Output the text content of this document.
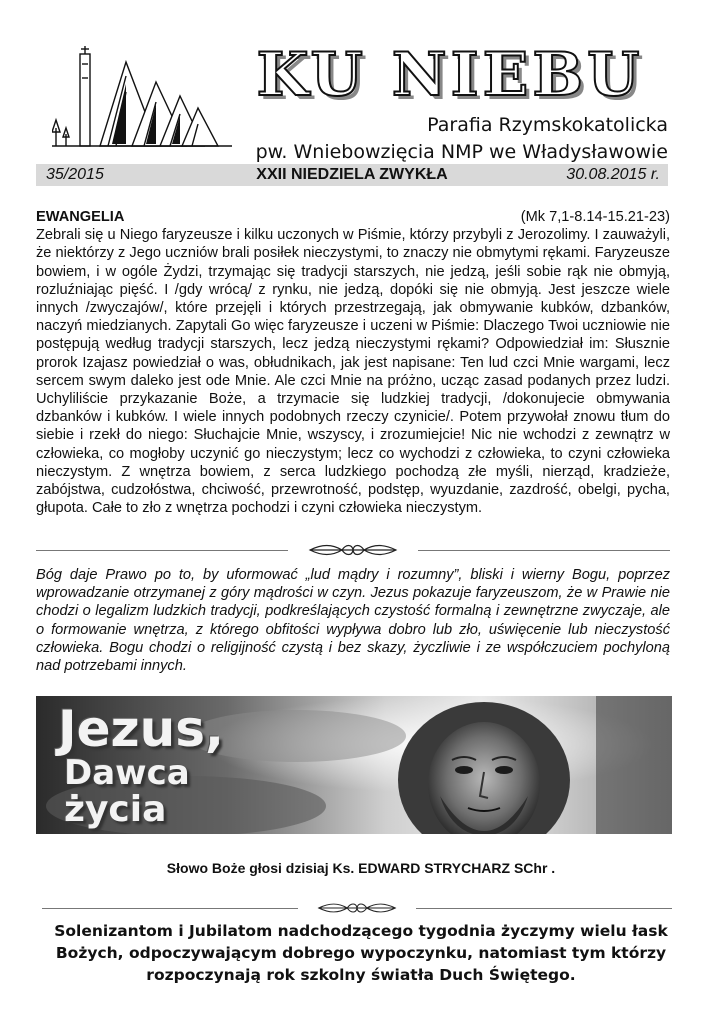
KU NIEBU
Parafia Rzymskokatolicka
pw. Wniebowzięcia NMP we Władysławowie
XXII NIEDZIELA ZWYKŁA
35/2015	30.08.2015 r.
EWANGELIA	(Mk 7,1-8.14-15.21-23)

Zebrali się u Niego faryzeusze i kilku uczonych w Piśmie, którzy przybyli z Jerozolimy. I zauważyli, że niektórzy z Jego uczniów brali posiłek nieczystymi, to znaczy nie obmytymi rękami. Faryzeusze bowiem, i w ogóle Żydzi, trzymając się tradycji starszych, nie jedzą, jeśli sobie rąk nie obmyją, rozluźniając pięść. I /gdy wrócą/ z rynku, nie jedzą, dopóki się nie obmyją. Jest jeszcze wiele innych /zwyczajów/, które przejęli i których przestrzegają, jak obmywanie kubków, dzbanków, naczyń miedzianych. Zapytali Go więc faryzeusze i uczeni w Piśmie: Dlaczego Twoi uczniowie nie postępują według tradycji starszych, lecz jedzą nieczystymi rękami? Odpowiedział im: Słusznie prorok Izajasz powiedział o was, obłudnikach, jak jest napisane: Ten lud czci Mnie wargami, lecz sercem swym daleko jest ode Mnie. Ale czci Mnie na próżno, ucząc zasad podanych przez ludzi. Uchyliliście przykazanie Boże, a trzymacie się ludzkiej tradycji, /dokonujecie obmywania dzbanków i kubków. I wiele innych podobnych rzeczy czynicie/. Potem przywołał znowu tłum do siebie i rzekł do niego: Słuchajcie Mnie, wszyscy, i zrozumiejcie! Nic nie wchodzi z zewnątrz w człowieka, co mogłoby uczynić go nieczystym; lecz co wychodzi z człowieka, to czyni człowieka nieczystym. Z wnętrza bowiem, z serca ludzkiego pochodzą złe myśli, nierząd, kradzieże, zabójstwa, cudzołóstwa, chciwość, przewrotność, podstęp, wyuzdanie, zazdrość, obelgi, pycha, głupota. Całe to zło z wnętrza pochodzi i czyni człowieka nieczystym.

Bóg daje Prawo po to, by uformować „lud mądry i rozumny”, bliski i wierny Bogu, poprzez wprowadzanie otrzymanej z góry mądrości w czyn. Jezus pokazuje faryzeuszom, że w Prawie nie chodzi o legalizm ludzkich tradycji, podkreślających czystość formalną i zewnętrzne zwyczaje, ale o formowanie wnętrza, z którego obfitości wypływa dobro lub zło, uświęcenie lub nieczystość człowieka. Bogu chodzi o religijność czystą i bez skazy, życzliwie i ze współczuciem pochyloną nad potrzebami innych.
Jezus,
Dawca
życia
Słowo Boże głosi dzisiaj Ks. EDWARD STRYCHARZ SChr .
Solenizantom i Jubilatom nadchodzącego tygodnia życzymy wielu łask Bożych, odpoczywającym dobrego wypoczynku, natomiast tym którzy rozpoczynają rok szkolny światła Duch Świętego.
